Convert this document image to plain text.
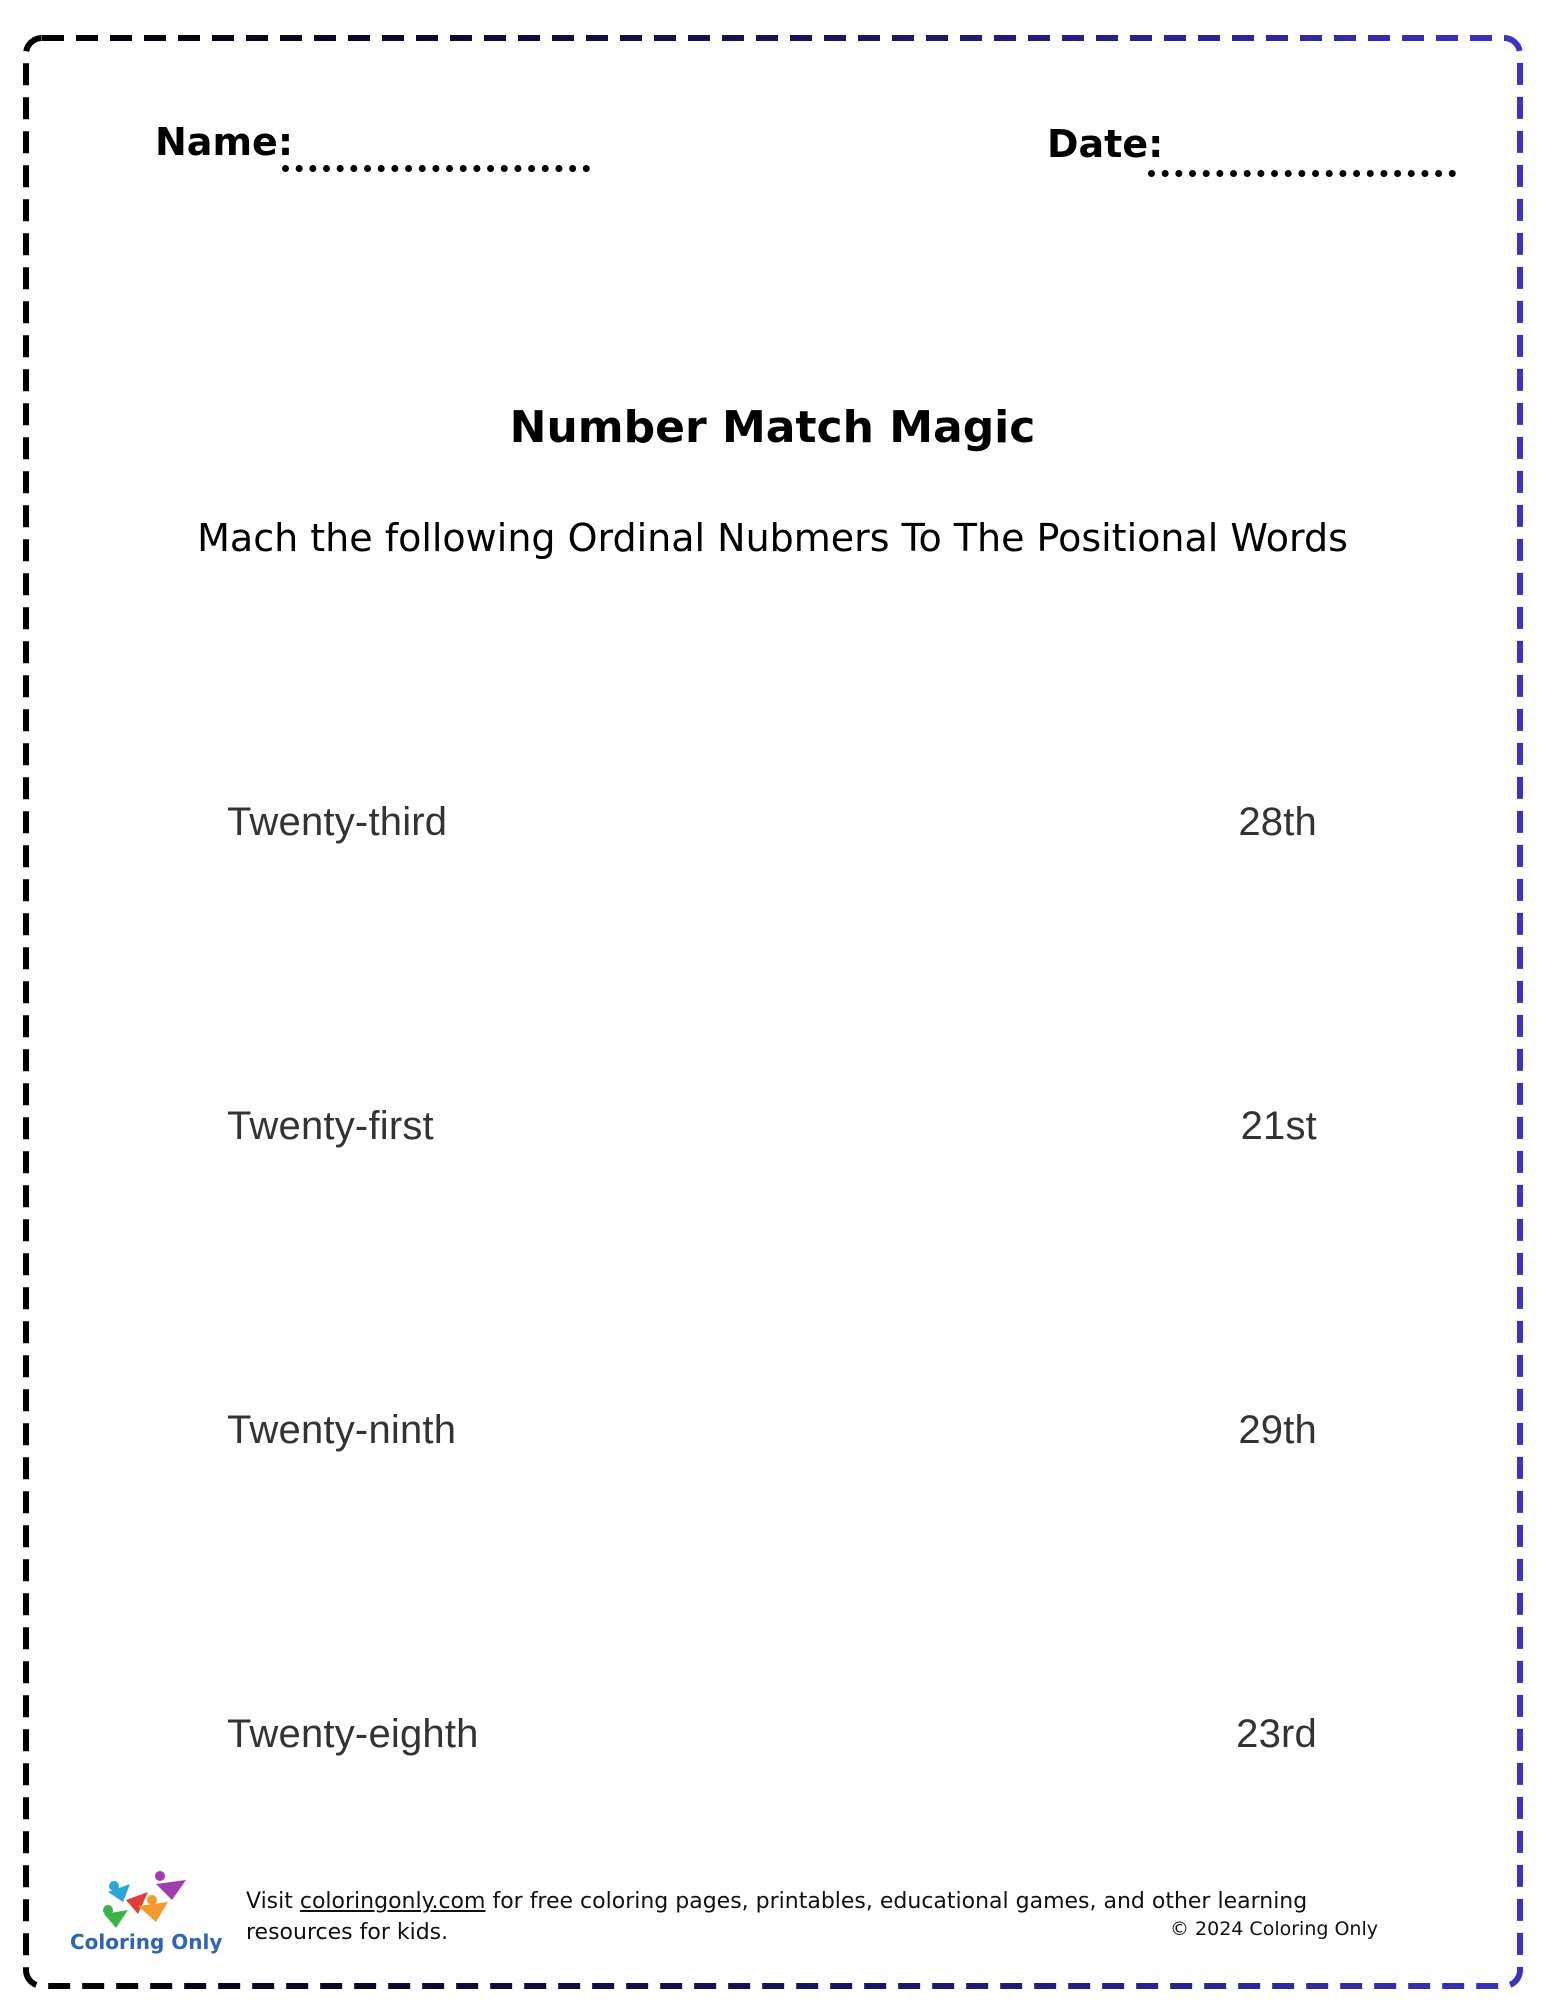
Name:	Date:
Number Match Magic
Mach the following Ordinal Nubmers To The Positional Words
Twenty-third	28th
Twenty-first	21st
Twenty-ninth	29th
Twenty-eighth	23rd
Coloring Only
Visit coloringonly.com for free coloring pages, printables, educational games, and other learning resources for kids.	© 2024 Coloring Only
